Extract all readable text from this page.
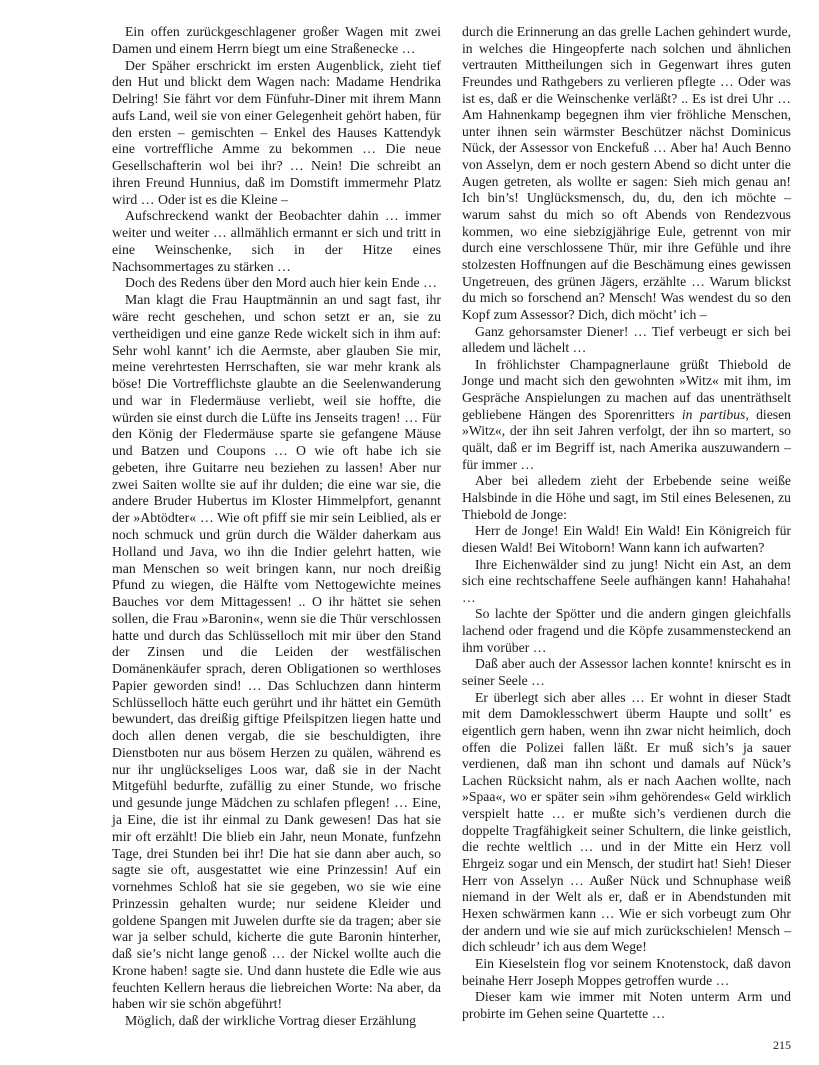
Ein offen zurückgeschlagener großer Wagen mit zwei Damen und einem Herrn biegt um eine Straßenecke …

Der Späher erschrickt im ersten Augenblick, zieht tief den Hut und blickt dem Wagen nach: Madame Hendrika Delring! Sie fährt vor dem Fünfuhr-Diner mit ihrem Mann aufs Land, weil sie von einer Gelegenheit gehört haben, für den ersten – gemischten – Enkel des Hauses Kattendyk eine vortreffliche Amme zu bekommen … Die neue Gesellschafterin wol bei ihr? … Nein! Die schreibt an ihren Freund Hunnius, daß im Domstift immermehr Platz wird … Oder ist es die Kleine –

Aufschreckend wankt der Beobachter dahin … immer weiter und weiter … allmählich ermannt er sich und tritt in eine Weinschenke, sich in der Hitze eines Nachsommertages zu stärken …

Doch des Redens über den Mord auch hier kein Ende …

Man klagt die Frau Hauptmännin an und sagt fast, ihr wäre recht geschehen, und schon setzt er an, sie zu vertheidigen und eine ganze Rede wickelt sich in ihm auf: Sehr wohl kannt’ ich die Aermste, aber glauben Sie mir, meine verehrtesten Herrschaften, sie war mehr krank als böse! Die Vortrefflichste glaubte an die Seelenwanderung und war in Fledermäuse verliebt, weil sie hoffte, die würden sie einst durch die Lüfte ins Jenseits tragen! … Für den König der Fledermäuse sparte sie gefangene Mäuse und Batzen und Coupons … O wie oft habe ich sie gebeten, ihre Guitarre neu beziehen zu lassen! Aber nur zwei Saiten wollte sie auf ihr dulden; die eine war sie, die andere Bruder Hubertus im Kloster Himmelpfort, genannt der »Abtödter« … Wie oft pfiff sie mir sein Leiblied, als er noch schmuck und grün durch die Wälder daherkam aus Holland und Java, wo ihn die Indier gelehrt hatten, wie man Menschen so weit bringen kann, nur noch dreißig Pfund zu wiegen, die Hälfte vom Nettogewichte meines Bauches vor dem Mittagessen! .. O ihr hättet sie sehen sollen, die Frau »Baronin«, wenn sie die Thür verschlossen hatte und durch das Schlüsselloch mit mir über den Stand der Zinsen und die Leiden der westfälischen Domänenkäufer sprach, deren Obligationen so werthloses Papier geworden sind! … Das Schluchzen dann hinterm Schlüsselloch hätte euch gerührt und ihr hättet ein Gemüth bewundert, das dreißig giftige Pfeilspitzen liegen hatte und doch allen denen vergab, die sie beschuldigten, ihre Dienstboten nur aus bösem Herzen zu quälen, während es nur ihr unglückseliges Loos war, daß sie in der Nacht Mitgefühl bedurfte, zufällig zu einer Stunde, wo frische und gesunde junge Mädchen zu schlafen pflegen! … Eine, ja Eine, die ist ihr einmal zu Dank gewesen! Das hat sie mir oft erzählt! Die blieb ein Jahr, neun Monate, funfzehn Tage, drei Stunden bei ihr! Die hat sie dann aber auch, so sagte sie oft, ausgestattet wie eine Prinzessin! Auf ein vornehmes Schloß hat sie sie gegeben, wo sie wie eine Prinzessin gehalten wurde; nur seidene Kleider und goldene Spangen mit Juwelen durfte sie da tragen; aber sie war ja selber schuld, kicherte die gute Baronin hinterher, daß sie’s nicht lange genoß … der Nickel wollte auch die Krone haben! sagte sie. Und dann hustete die Edle wie aus feuchten Kellern heraus die liebreichen Worte: Na aber, da haben wir sie schön abgeführt!

Möglich, daß der wirkliche Vortrag dieser Erzählung

durch die Erinnerung an das grelle Lachen gehindert wurde, in welches die Hingeopferte nach solchen und ähnlichen vertrauten Mittheilungen sich in Gegenwart ihres guten Freundes und Rathgebers zu verlieren pflegte … Oder was ist es, daß er die Weinschenke verläßt? .. Es ist drei Uhr … Am Hahnenkamp begegnen ihm vier fröhliche Menschen, unter ihnen sein wärmster Beschützer nächst Dominicus Nück, der Assessor von Enckefuß … Aber ha! Auch Benno von Asselyn, dem er noch gestern Abend so dicht unter die Augen getreten, als wollte er sagen: Sieh mich genau an! Ich bin’s! Unglücksmensch, du, du, den ich möchte – warum sahst du mich so oft Abends von Rendezvous kommen, wo eine siebzigjährige Eule, getrennt von mir durch eine verschlossene Thür, mir ihre Gefühle und ihre stolzesten Hoffnungen auf die Beschämung eines gewissen Ungetreuen, des grünen Jägers, erzählte … Warum blickst du mich so forschend an? Mensch! Was wendest du so den Kopf zum Assessor? Dich, dich möcht’ ich –

Ganz gehorsamster Diener! … Tief verbeugt er sich bei alledem und lächelt …

In fröhlichster Champagnerlaune grüßt Thiebold de Jonge und macht sich den gewohnten »Witz« mit ihm, im Gespräche Anspielungen zu machen auf das unenträthselt gebliebene Hängen des Sporenritters in partibus, diesen »Witz«, der ihn seit Jahren verfolgt, der ihn so martert, so quält, daß er im Begriff ist, nach Amerika auszuwandern – für immer …

Aber bei alledem zieht der Erbebende seine weiße Halsbinde in die Höhe und sagt, im Stil eines Belesenen, zu Thiebold de Jonge:

Herr de Jonge! Ein Wald! Ein Wald! Ein Königreich für diesen Wald! Bei Witoborn! Wann kann ich aufwarten?

Ihre Eichenwälder sind zu jung! Nicht ein Ast, an dem sich eine rechtschaffene Seele aufhängen kann! Hahahaha! …

So lachte der Spötter und die andern gingen gleichfalls lachend oder fragend und die Köpfe zusammensteckend an ihm vorüber …

Daß aber auch der Assessor lachen konnte! knirscht es in seiner Seele …

Er überlegt sich aber alles … Er wohnt in dieser Stadt mit dem Damoklesschwert überm Haupte und sollt’ es eigentlich gern haben, wenn ihn zwar nicht heimlich, doch offen die Polizei fallen läßt. Er muß sich’s ja sauer verdienen, daß man ihn schont und damals auf Nück’s Lachen Rücksicht nahm, als er nach Aachen wollte, nach »Spaa«, wo er später sein »ihm gehörendes« Geld wirklich verspielt hatte … er mußte sich’s verdienen durch die doppelte Tragfähigkeit seiner Schultern, die linke geistlich, die rechte weltlich … und in der Mitte ein Herz voll Ehrgeiz sogar und ein Mensch, der studirt hat! Sieh! Dieser Herr von Asselyn … Außer Nück und Schnuphase weiß niemand in der Welt als er, daß er in Abendstunden mit Hexen schwärmen kann … Wie er sich vorbeugt zum Ohr der andern und wie sie auf mich zurückschielen! Mensch – dich schleudr’ ich aus dem Wege!

Ein Kieselstein flog vor seinem Knotenstock, daß davon beinahe Herr Joseph Moppes getroffen wurde …

Dieser kam wie immer mit Noten unterm Arm und probirte im Gehen seine Quartette …

215
